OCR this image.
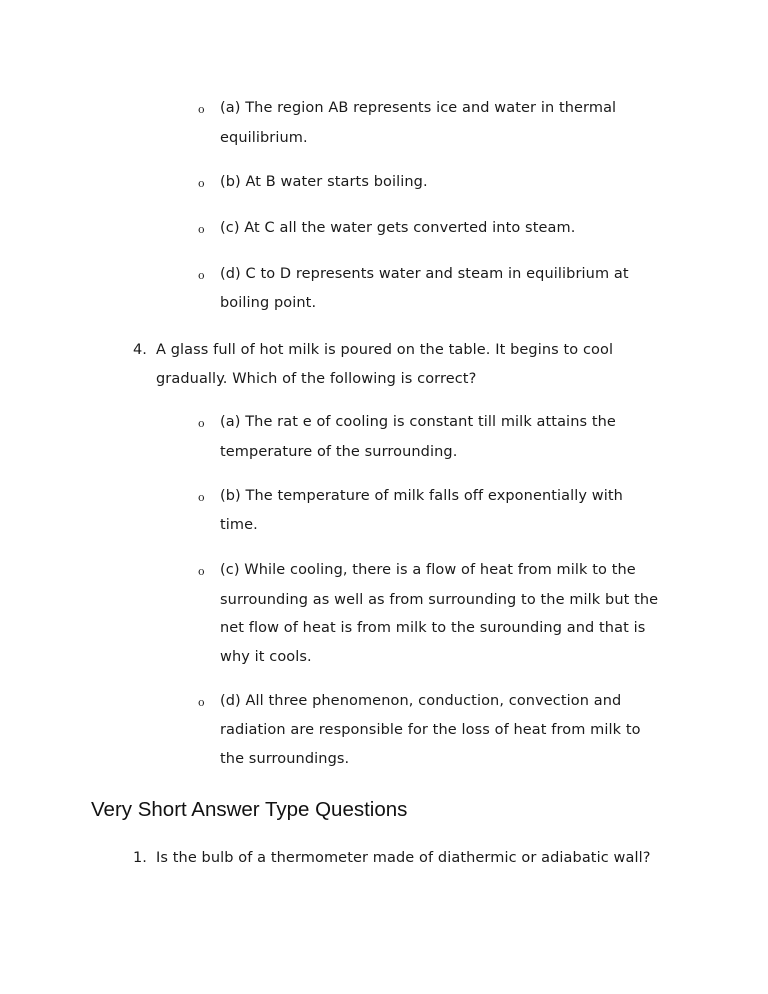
o (a) The region AB represents ice and water in thermal
equilibrium.
o (b) At B water starts boiling.
o (c) At C all the water gets converted into steam.
o (d) C to D represents water and steam in equilibrium at
boiling point.
4. A glass full of hot milk is poured on the table. It begins to cool
gradually. Which of the following is correct?
o (a) The rat e of cooling is constant till milk attains the
temperature of the surrounding.
o (b) The temperature of milk falls off exponentially with
time.
o (c) While cooling, there is a flow of heat from milk to the
surrounding as well as from surrounding to the milk but the
net flow of heat is from milk to the surounding and that is
why it cools.
o (d) All three phenomenon, conduction, convection and
radiation are responsible for the loss of heat from milk to
the surroundings.
Very Short Answer Type Questions
1. Is the bulb of a thermometer made of diathermic or adiabatic wall?
